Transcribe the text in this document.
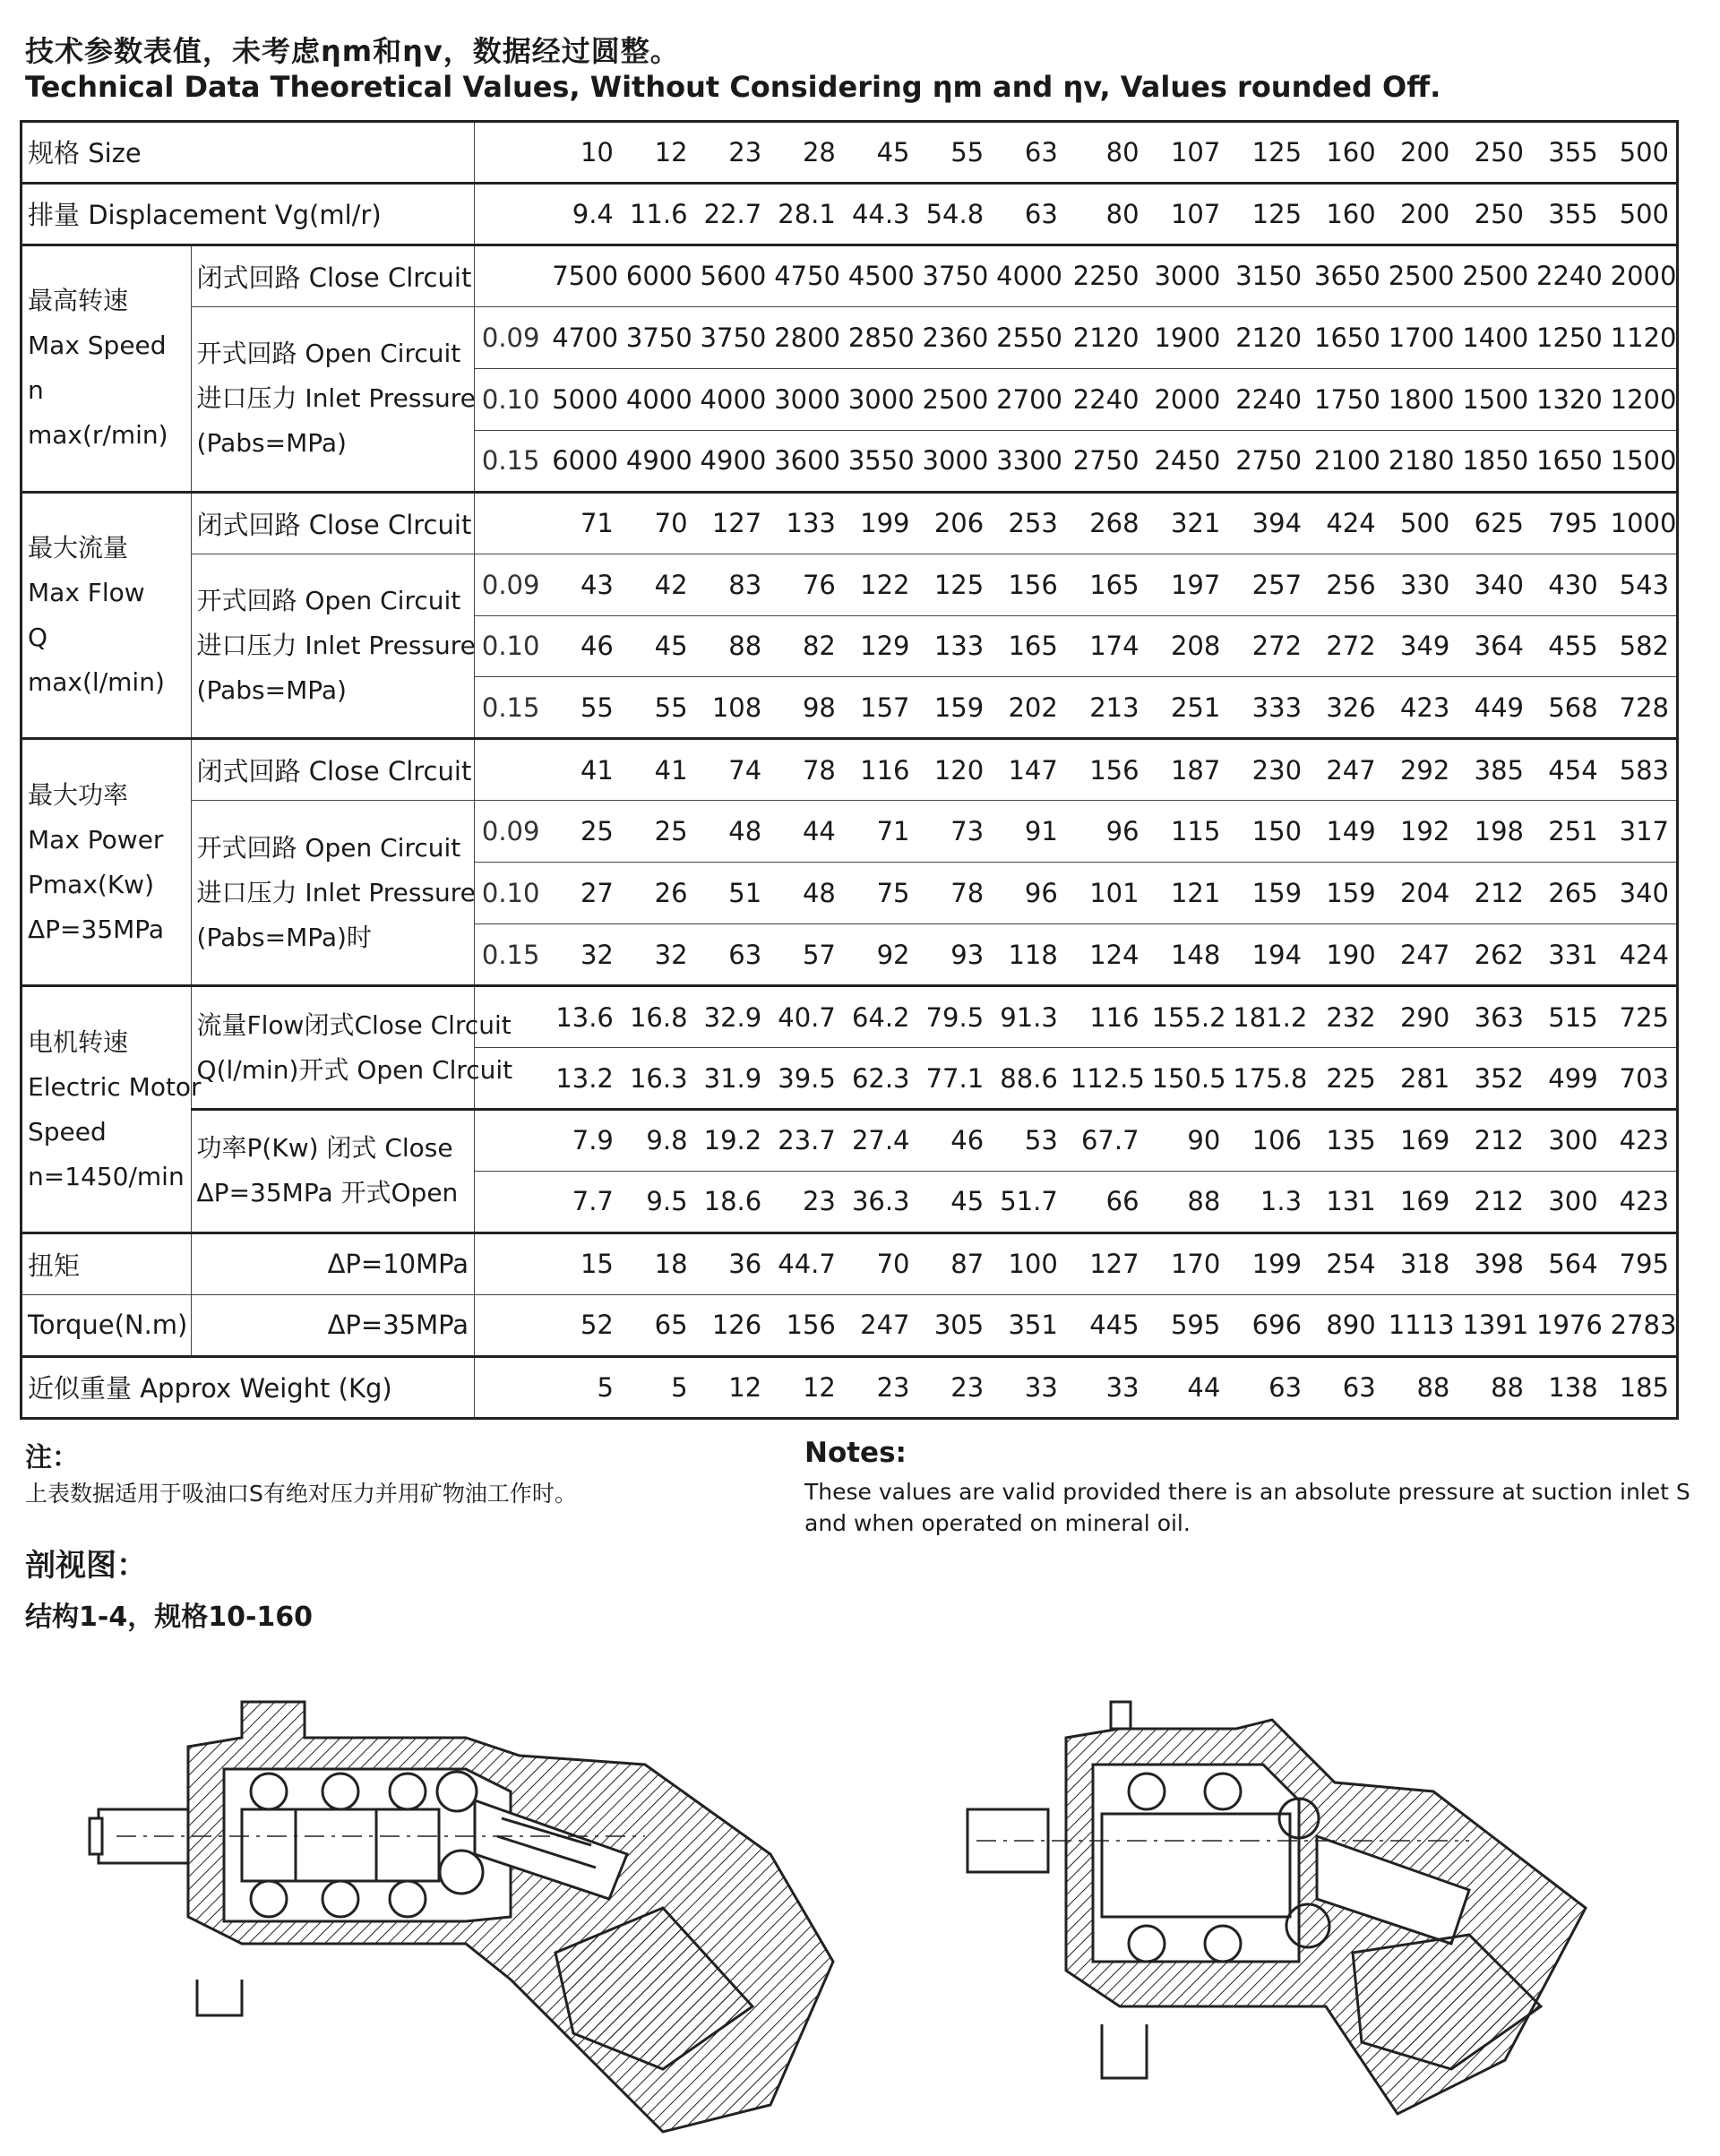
技术参数表值，未考虑ηm和ηv，数据经过圆整。
Technical Data Theoretical Values, Without Considering ηm and ηv, Values rounded Off.
规格 Size			10	12	23	28	45	55	63	80	107	125	160	200	250	355	500
排量 Displacement Vg(ml/r)			9.4	11.6	22.7	28.1	44.3	54.8	63	80	107	125	160	200	250	355	500

最高转速
Max Speed
n
max(r/min)	闭式回路 Close Clrcuit		7500	6000	5600	4750	4500	3750	4000	2250	3000	3150	3650	2500	2500	2240	2000

	开式回路 Open Circuit
进口压力 Inlet Pressure
(Pabs=MPa)	0.09	4700	3750	3750	2800	2850	2360	2550	2120	1900	2120	1650	1700	1400	1250	1120
		0.10	5000	4000	4000	3000	3000	2500	2700	2240	2000	2240	1750	1800	1500	1320	1200
		0.15	6000	4900	4900	3600	3550	3000	3300	2750	2450	2750	2100	2180	1850	1650	1500

最大流量
Max Flow
Q
max(l/min)	闭式回路 Close Clrcuit		71	70	127	133	199	206	253	268	321	394	424	500	625	795	1000

	开式回路 Open Circuit
进口压力 Inlet Pressure
(Pabs=MPa)	0.09	43	42	83	76	122	125	156	165	197	257	256	330	340	430	543
		0.10	46	45	88	82	129	133	165	174	208	272	272	349	364	455	582
		0.15	55	55	108	98	157	159	202	213	251	333	326	423	449	568	728

最大功率
Max Power
Pmax(Kw)
ΔP=35MPa	闭式回路 Close Clrcuit		41	41	74	78	116	120	147	156	187	230	247	292	385	454	583

	开式回路 Open Circuit
进口压力 Inlet Pressure
(Pabs=MPa)时	0.09	25	25	48	44	71	73	91	96	115	150	149	192	198	251	317
		0.10	27	26	51	48	75	78	96	101	121	159	159	204	212	265	340
		0.15	32	32	63	57	92	93	118	124	148	194	190	247	262	331	424

电机转速
Electric Motor
Speed
n=1450/min	流量Flow闭式Close Clrcuit
Q(l/min)开式 Open Clrcuit		13.6	16.8	32.9	40.7	64.2	79.5	91.3	116	155.2	181.2	232	290	363	515	725
			13.2	16.3	31.9	39.5	62.3	77.1	88.6	112.5	150.5	175.8	225	281	352	499	703

	功率P(Kw) 闭式 Close
ΔP=35MPa 开式Open		7.9	9.8	19.2	23.7	27.4	46	53	67.7	90	106	135	169	212	300	423
			7.7	9.5	18.6	23	36.3	45	51.7	66	88	1.3	131	169	212	300	423
扭矩	ΔP=10MPa		15	18	36	44.7	70	87	100	127	170	199	254	318	398	564	795
Torque(N.m)	ΔP=35MPa		52	65	126	156	247	305	351	445	595	696	890	1113	1391	1976	2783
近似重量 Approx Weight (Kg)			5	5	12	12	23	23	33	33	44	63	63	88	88	138	185
注：
上表数据适用于吸油口S有绝对压力并用矿物油工作时。
Notes:
These values are valid provided there is an absolute pressure at suction inlet S and when operated on mineral oil.
剖视图：
结构1-4，规格10-160
